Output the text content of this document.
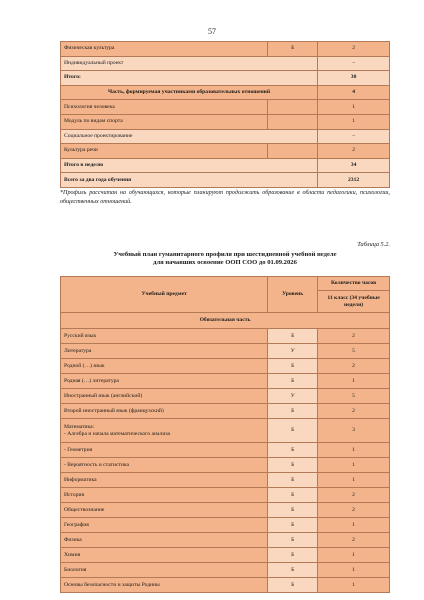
57
Физическая культура	Б	2
Индивидуальный проект		–
Итого:		30
Часть, формируемая участниками образовательных отношений		4
Психология человека		1
Модуль по видам спорта		1
Социальное проектирование		–
Культура речи		2
Итого в неделю		34
Всего за два года обучения		2312
*Профиль рассчитан на обучающихся, которые планируют продолжить образование в области педагогики, психологии, общественных отношений.
Таблица 5.2.
Учебный план гуманитарного профиля при шестидневной учебной неделе
для начавших освоение ООП СОО до 01.09.2026
Учебный предмет	Уровень	Количество часов
		11 класс (34 учебные недели)
Обязательная часть		
Русский язык	Б	2
Литература	У	5
Родной (…) язык	Б	2
Родная (…) литература	Б	1
Иностранный язык (английский)	У	5
Второй иностранный язык (французский)	Б	2

Математика:
- Алгебра и начала математического анализа	Б	3
- Геометрия	Б	1
- Вероятность и статистика	Б	1
Информатика	Б	1
История	Б	2
Обществознание	Б	2
География	Б	1
Физика	Б	2
Химия	Б	1
Биология	Б	1
Основы безопасности и защиты Родины	Б	1
